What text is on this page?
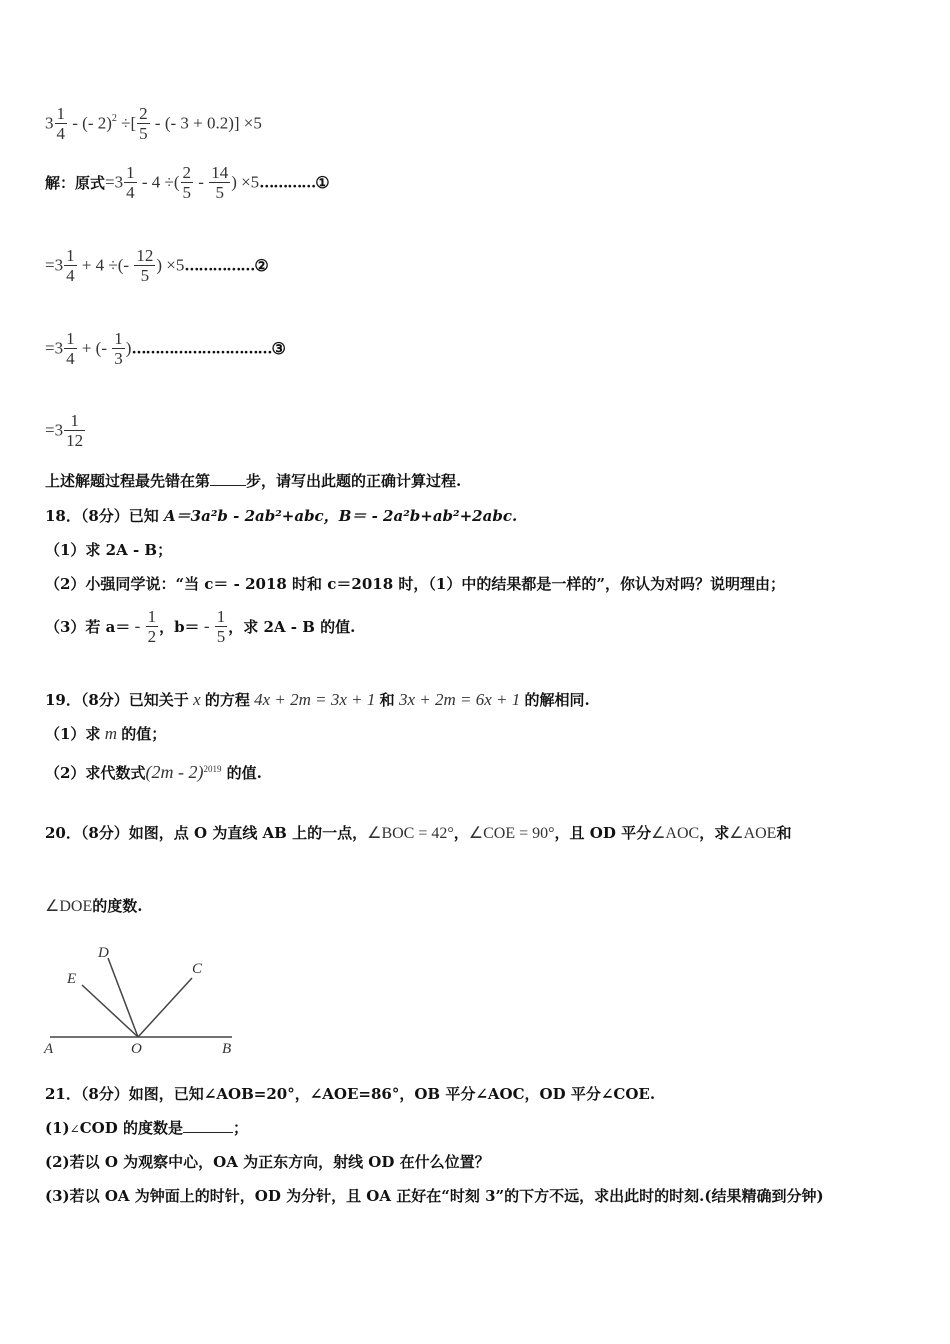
$3 \frac{1}{4}$ - (- 2)$^2$ ÷[ $\frac{2}{5}$ - (- 3 + 0.2)] ×5
解：原式$=3 \frac{1}{4} - 4$ ÷( $\frac{2}{5} - \frac{14}{5}$ ) ×5…………①
$=3 \frac{1}{4} + 4$ ÷(- $\frac{12}{5}$ ) ×5……………②
$=3 \frac{1}{4}$ + (- $\frac{1}{3}$ )…………………………③
$=3 \frac{1}{12}$
上述解题过程最先错在第 步，请写出此题的正确计算过程.
18．（8分）已知 A＝3a²b - 2ab²+abc，B＝ - 2a²b+ab²+2abc.
（1）求 2A - B；
（2）小强同学说：“当 c＝ - 2018 时和 c＝2018 时，（1）中的结果都是一样的”，你认为对吗？说明理由；
（3）若 $a= - \frac{1}{2}$ ，$b= - \frac{1}{5}$ ，求 2A - B 的值.
19．（8分）已知关于 x 的方程 4x + 2m = 3x + 1 和 3x + 2m = 6x + 1 的解相同.
（1）求 m 的值；
（2）求代数式(2m - 2)$^{2019}$ 的值.
20．（8分）如图，点 O 为直线 AB 上的一点，∠BOC = 42°，∠COE = 90°，且 OD 平分∠AOC，求∠AOE和
∠DOE的度数.
A	O	B
C
D
E
21．（8分）如图，已知∠AOB=20°，∠AOE=86°，OB 平分∠AOC，OD 平分∠COE.
(1)∠COD 的度数是	；
(2)若以 O 为观察中心，OA 为正东方向，射线 OD 在什么位置？
(3)若以 OA 为钟面上的时针，OD 为分针，且 OA 正好在“时刻 3”的下方不远，求出此时的时刻.(结果精确到分钟)
